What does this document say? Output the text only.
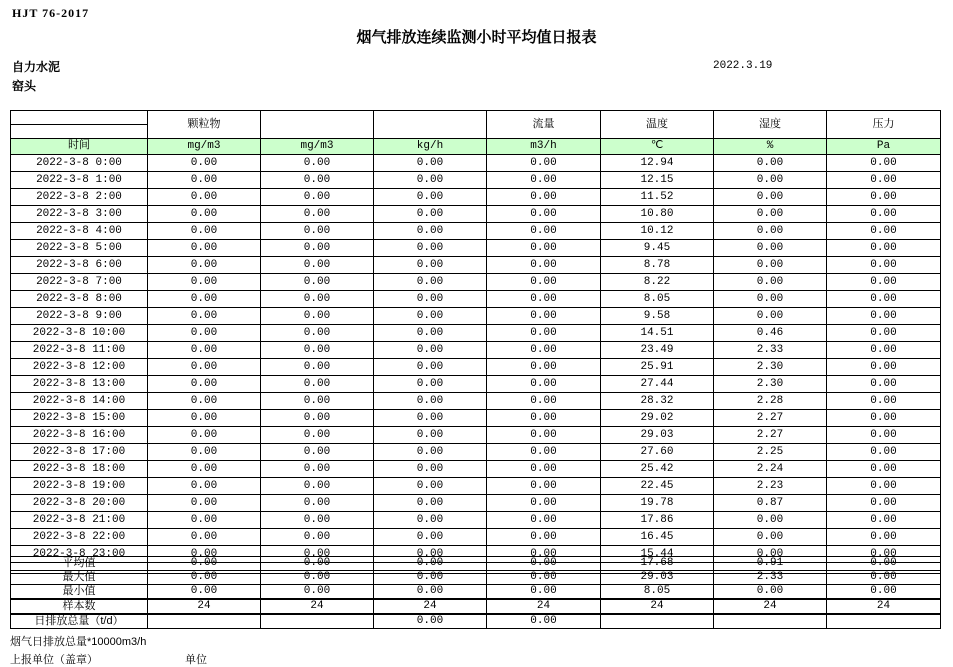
HJT 76-2017
烟气排放连续监测小时平均值日报表
自力水泥
窑头
2022.3.19
	颗粒物			流量	温度	湿度	压力

时间	mg/m3	mg/m3	kg/h	m3/h	℃	%	Pa
2022-3-8 0:00	0.00	0.00	0.00	0.00	12.94	0.00	0.00
2022-3-8 1:00	0.00	0.00	0.00	0.00	12.15	0.00	0.00
2022-3-8 2:00	0.00	0.00	0.00	0.00	11.52	0.00	0.00
2022-3-8 3:00	0.00	0.00	0.00	0.00	10.80	0.00	0.00
2022-3-8 4:00	0.00	0.00	0.00	0.00	10.12	0.00	0.00
2022-3-8 5:00	0.00	0.00	0.00	0.00	9.45	0.00	0.00
2022-3-8 6:00	0.00	0.00	0.00	0.00	8.78	0.00	0.00
2022-3-8 7:00	0.00	0.00	0.00	0.00	8.22	0.00	0.00
2022-3-8 8:00	0.00	0.00	0.00	0.00	8.05	0.00	0.00
2022-3-8 9:00	0.00	0.00	0.00	0.00	9.58	0.00	0.00
2022-3-8 10:00	0.00	0.00	0.00	0.00	14.51	0.46	0.00
2022-3-8 11:00	0.00	0.00	0.00	0.00	23.49	2.33	0.00
2022-3-8 12:00	0.00	0.00	0.00	0.00	25.91	2.30	0.00
2022-3-8 13:00	0.00	0.00	0.00	0.00	27.44	2.30	0.00
2022-3-8 14:00	0.00	0.00	0.00	0.00	28.32	2.28	0.00
2022-3-8 15:00	0.00	0.00	0.00	0.00	29.02	2.27	0.00
2022-3-8 16:00	0.00	0.00	0.00	0.00	29.03	2.27	0.00
2022-3-8 17:00	0.00	0.00	0.00	0.00	27.60	2.25	0.00
2022-3-8 18:00	0.00	0.00	0.00	0.00	25.42	2.24	0.00
2022-3-8 19:00	0.00	0.00	0.00	0.00	22.45	2.23	0.00
2022-3-8 20:00	0.00	0.00	0.00	0.00	19.78	0.87	0.00
2022-3-8 21:00	0.00	0.00	0.00	0.00	17.86	0.00	0.00
2022-3-8 22:00	0.00	0.00	0.00	0.00	16.45	0.00	0.00
2022-3-8 23:00	0.00	0.00	0.00	0.00	15.44	0.00	0.00

平均值	0.00	0.00	0.00	0.00	17.68	0.91	0.00
最大值	0.00	0.00	0.00	0.00	29.03	2.33	0.00
最小值	0.00	0.00	0.00	0.00	8.05	0.00	0.00
样本数	24	24	24	24	24	24	24
日排放总量（t/d）			0.00	0.00			
烟气日排放总量*10000m3/h
上报单位（盖章）	单位
